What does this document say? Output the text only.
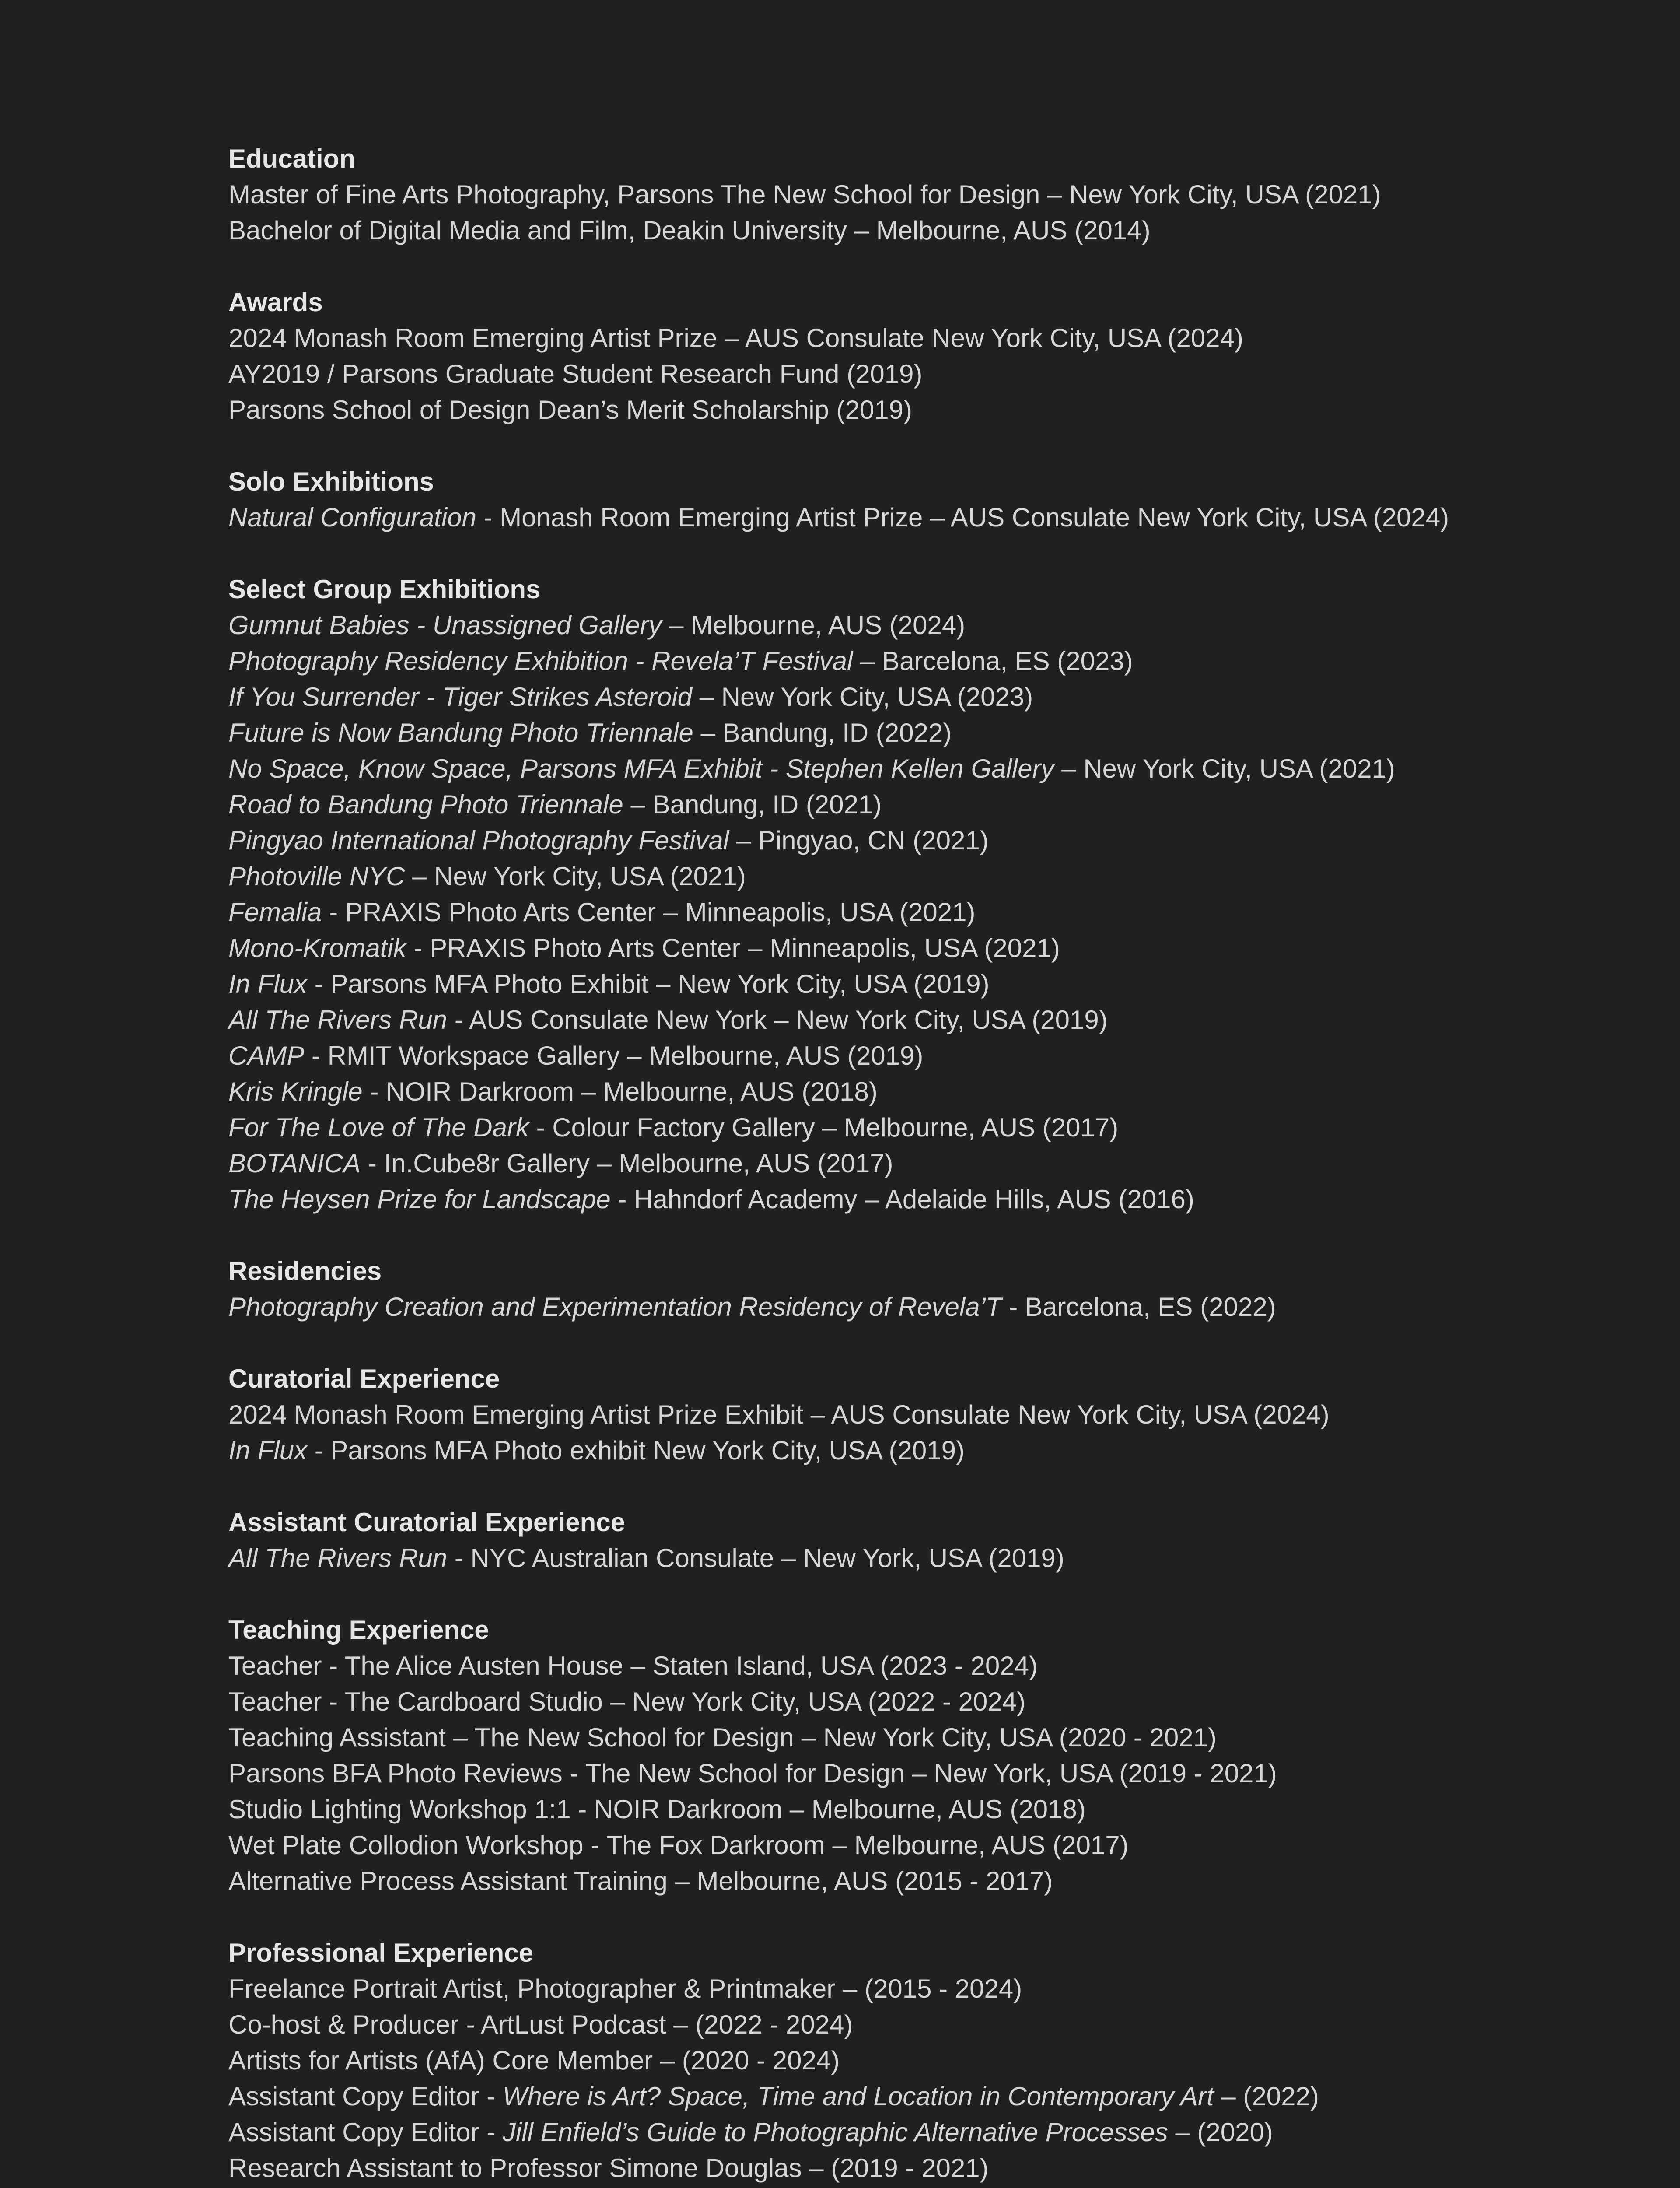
Education
Master of Fine Arts Photography, Parsons The New School for Design – New York City, USA (2021)
Bachelor of Digital Media and Film, Deakin University – Melbourne, AUS (2014)
Awards
2024 Monash Room Emerging Artist Prize – AUS Consulate New York City, USA (2024)
AY2019 / Parsons Graduate Student Research Fund (2019)
Parsons School of Design Dean’s Merit Scholarship (2019)
Solo Exhibitions
Natural Configuration - Monash Room Emerging Artist Prize – AUS Consulate New York City, USA (2024)
Select Group Exhibitions
Gumnut Babies - Unassigned Gallery – Melbourne, AUS (2024)
Photography Residency Exhibition - Revela’T Festival – Barcelona, ES (2023)
If You Surrender - Tiger Strikes Asteroid – New York City, USA (2023)
Future is Now Bandung Photo Triennale – Bandung, ID (2022)
No Space, Know Space, Parsons MFA Exhibit - Stephen Kellen Gallery – New York City, USA (2021)
Road to Bandung Photo Triennale – Bandung, ID (2021)
Pingyao International Photography Festival – Pingyao, CN (2021)
Photoville NYC – New York City, USA (2021)
Femalia - PRAXIS Photo Arts Center – Minneapolis, USA (2021)
Mono-Kromatik - PRAXIS Photo Arts Center – Minneapolis, USA (2021)
In Flux - Parsons MFA Photo Exhibit – New York City, USA (2019)
All The Rivers Run - AUS Consulate New York – New York City, USA (2019)
CAMP - RMIT Workspace Gallery – Melbourne, AUS (2019)
Kris Kringle - NOIR Darkroom – Melbourne, AUS (2018)
For The Love of The Dark - Colour Factory Gallery – Melbourne, AUS (2017)
BOTANICA - In.Cube8r Gallery – Melbourne, AUS (2017)
The Heysen Prize for Landscape - Hahndorf Academy – Adelaide Hills, AUS (2016)
Residencies
Photography Creation and Experimentation Residency of Revela’T - Barcelona, ES (2022)
Curatorial Experience
2024 Monash Room Emerging Artist Prize Exhibit – AUS Consulate New York City, USA (2024)
In Flux - Parsons MFA Photo exhibit New York City, USA (2019)
Assistant Curatorial Experience
All The Rivers Run - NYC Australian Consulate – New York, USA (2019)
Teaching Experience
Teacher - The Alice Austen House – Staten Island, USA (2023 - 2024)
Teacher - The Cardboard Studio – New York City, USA (2022 - 2024)
Teaching Assistant – The New School for Design – New York City, USA (2020 - 2021)
Parsons BFA Photo Reviews - The New School for Design – New York, USA (2019 - 2021)
Studio Lighting Workshop 1:1 - NOIR Darkroom – Melbourne, AUS (2018)
Wet Plate Collodion Workshop - The Fox Darkroom – Melbourne, AUS (2017)
Alternative Process Assistant Training – Melbourne, AUS (2015 - 2017)
Professional Experience
Freelance Portrait Artist, Photographer & Printmaker – (2015 - 2024)
Co-host & Producer - ArtLust Podcast – (2022 - 2024)
Artists for Artists (AfA) Core Member – (2020 - 2024)
Assistant Copy Editor - Where is Art? Space, Time and Location in Contemporary Art – (2022)
Assistant Copy Editor - Jill Enfield’s Guide to Photographic Alternative Processes – (2020)
Research Assistant to Professor Simone Douglas – (2019 - 2021)
